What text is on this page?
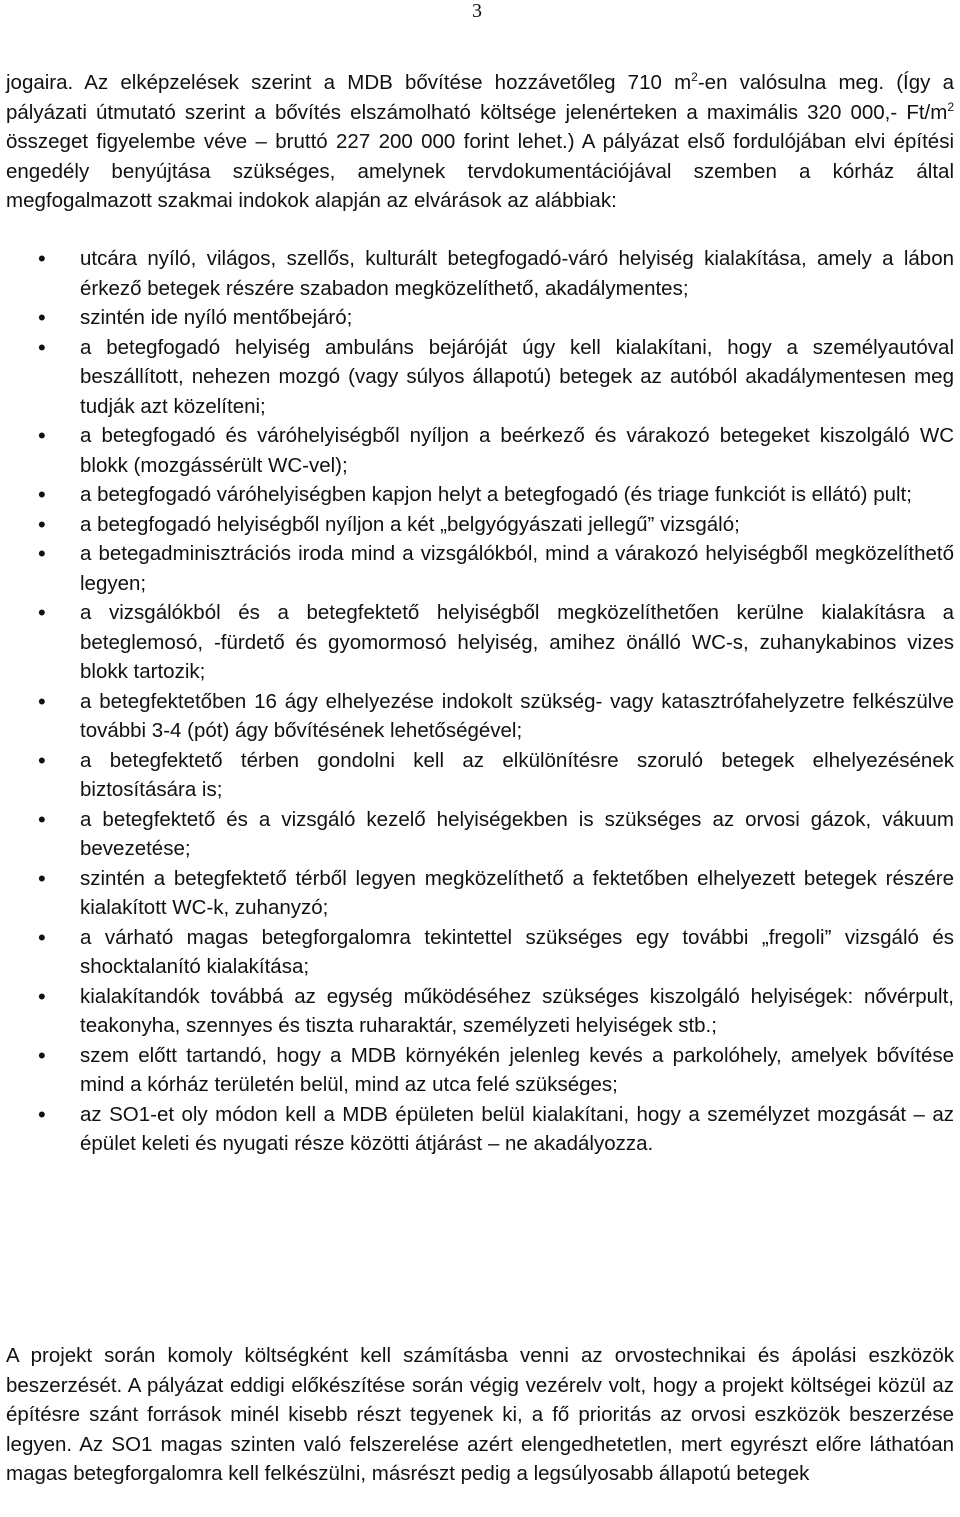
3

jogaira. Az elképzelések szerint a MDB bővítése hozzávetőleg 710 $m^2-en$ valósulna meg. (Így a pályázati útmutató szerint a bővítés elszámolható költsége jelenérteken a maximális 320 000,- $Ft/m^2$ összeget figyelembe véve – bruttó 227 200 000 forint lehet.) A pályázat első fordulójában elvi építési engedély benyújtása szükséges, amelynek tervdokumentációjával szemben a kórház által megfogalmazott szakmai indokok alapján az elvárások az alábbiak:

• utcára nyíló, világos, szellős, kulturált betegfogadó-váró helyiség kialakítása, amely a lábon érkező betegek részére szabadon megközelíthető, akadálymentes;
• szintén ide nyíló mentőbejáró;
• a betegfogadó helyiség ambuláns bejáróját úgy kell kialakítani, hogy a személyautóval beszállított, nehezen mozgó (vagy súlyos állapotú) betegek az autóból akadálymentesen meg tudják azt közelíteni;
• a betegfogadó és váróhelyiségből nyíljon a beérkező és várakozó betegeket kiszolgáló WC blokk (mozgássérült WC-vel);
• a betegfogadó váróhelyiségben kapjon helyt a betegfogadó (és triage funkciót is ellátó) pult;
• a betegfogadó helyiségből nyíljon a két „belgyógyászati jellegű” vizsgáló;
• a betegadminisztrációs iroda mind a vizsgálókból, mind a várakozó helyiségből megközelíthető legyen;
• a vizsgálókból és a betegfektető helyiségből megközelíthetően kerülne kialakításra a beteglemosó, -fürdető és gyomormosó helyiség, amihez önálló WC-s, zuhanykabinos vizes blokk tartozik;
• a betegfektetőben 16 ágy elhelyezése indokolt szükség- vagy katasztrófahelyzetre felkészülve további 3-4 (pót) ágy bővítésének lehetőségével;
• a betegfektető térben gondolni kell az elkülönítésre szoruló betegek elhelyezésének biztosítására is;
• a betegfektető és a vizsgáló kezelő helyiségekben is szükséges az orvosi gázok, vákuum bevezetése;
• szintén a betegfektető térből legyen megközelíthető a fektetőben elhelyezett betegek részére kialakított WC-k, zuhanyzó;
• a várható magas betegforgalomra tekintettel szükséges egy további „fregoli” vizsgáló és shocktalanító kialakítása;
• kialakítandók továbbá az egység működéséhez szükséges kiszolgáló helyiségek: nővérpult, teakonyha, szennyes és tiszta ruharaktár, személyzeti helyiségek stb.;
• szem előtt tartandó, hogy a MDB környékén jelenleg kevés a parkolóhely, amelyek bővítése mind a kórház területén belül, mind az utca felé szükséges;
• az SO1-et oly módon kell a MDB épületen belül kialakítani, hogy a személyzet mozgását – az épület keleti és nyugati része közötti átjárást – ne akadályozza.

A projekt során komoly költségként kell számításba venni az orvostechnikai és ápolási eszközök beszerzését. A pályázat eddigi előkészítése során végig vezérelv volt, hogy a projekt költségei közül az építésre szánt források minél kisebb részt tegyenek ki, a fő prioritás az orvosi eszközök beszerzése legyen. Az SO1 magas szinten való felszerelése azért elengedhetetlen, mert egyrészt előre láthatóan magas betegforgalomra kell felkészülni, másrészt pedig a legsúlyosabb állapotú betegek
